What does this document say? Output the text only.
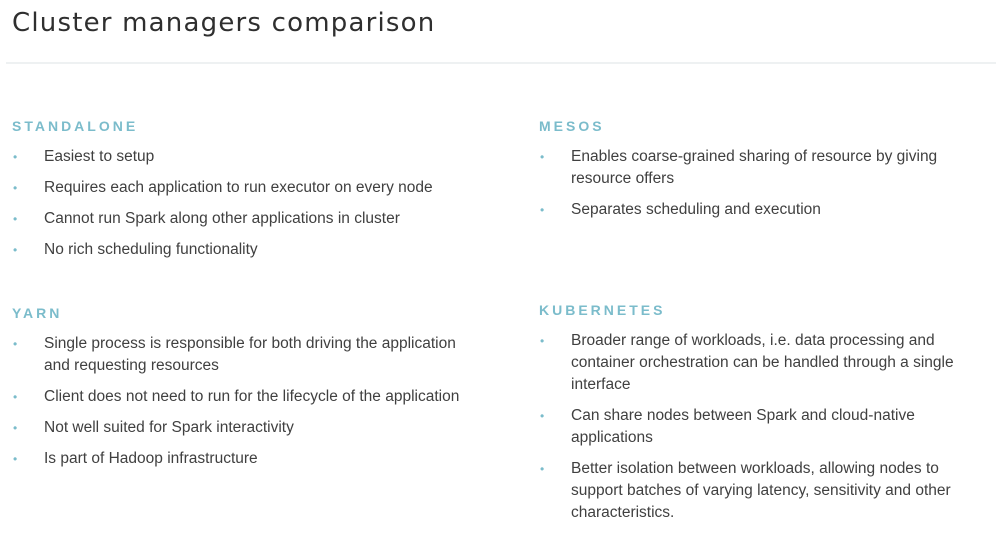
Cluster managers comparison
STANDALONE
• Easiest to setup
• Requires each application to run executor on every node
• Cannot run Spark along other applications in cluster
• No rich scheduling functionality
MESOS
• Enables coarse-grained sharing of resource by giving resource offers
• Separates scheduling and execution
YARN
• Single process is responsible for both driving the application and requesting resources
• Client does not need to run for the lifecycle of the application
• Not well suited for Spark interactivity
• Is part of Hadoop infrastructure
KUBERNETES
• Broader range of workloads, i.e. data processing and container orchestration can be handled through a single interface
• Can share nodes between Spark and cloud-native applications
• Better isolation between workloads, allowing nodes to support batches of varying latency, sensitivity and other characteristics.
